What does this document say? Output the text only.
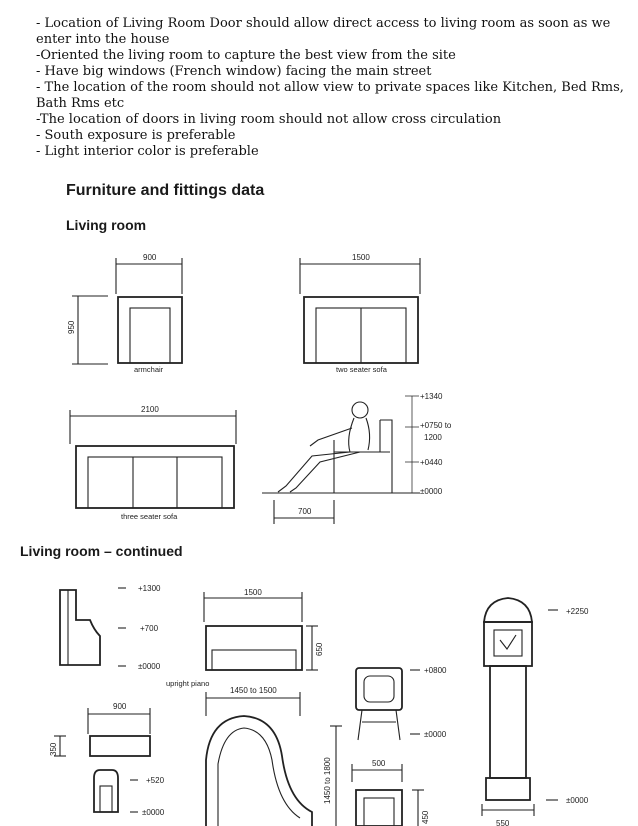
- Location of Living Room Door should allow direct access to living room as soon as we enter into the house

-Oriented the living room to capture the best view from the site

- Have big windows (French window) facing the main street

- The location of the room should not allow view to private spaces like Kitchen, Bed Rms, Bath Rms etc

-The location of doors in living room should not allow cross circulation

- South exposure is preferable

- Light interior color is preferable

Furniture and fittings data
Living room
Living room – continued
900
950
armchair
1500
two seater sofa
2100
three seater sofa
+1340
+0750 to
1200
+0440
±0000
700
+1300
+700
±0000
upright piano
1500
650
900
350
+520
±0000
1450 to 1500
1450 to 1800
+0800
±0000
500
450
+2250
±0000
550
